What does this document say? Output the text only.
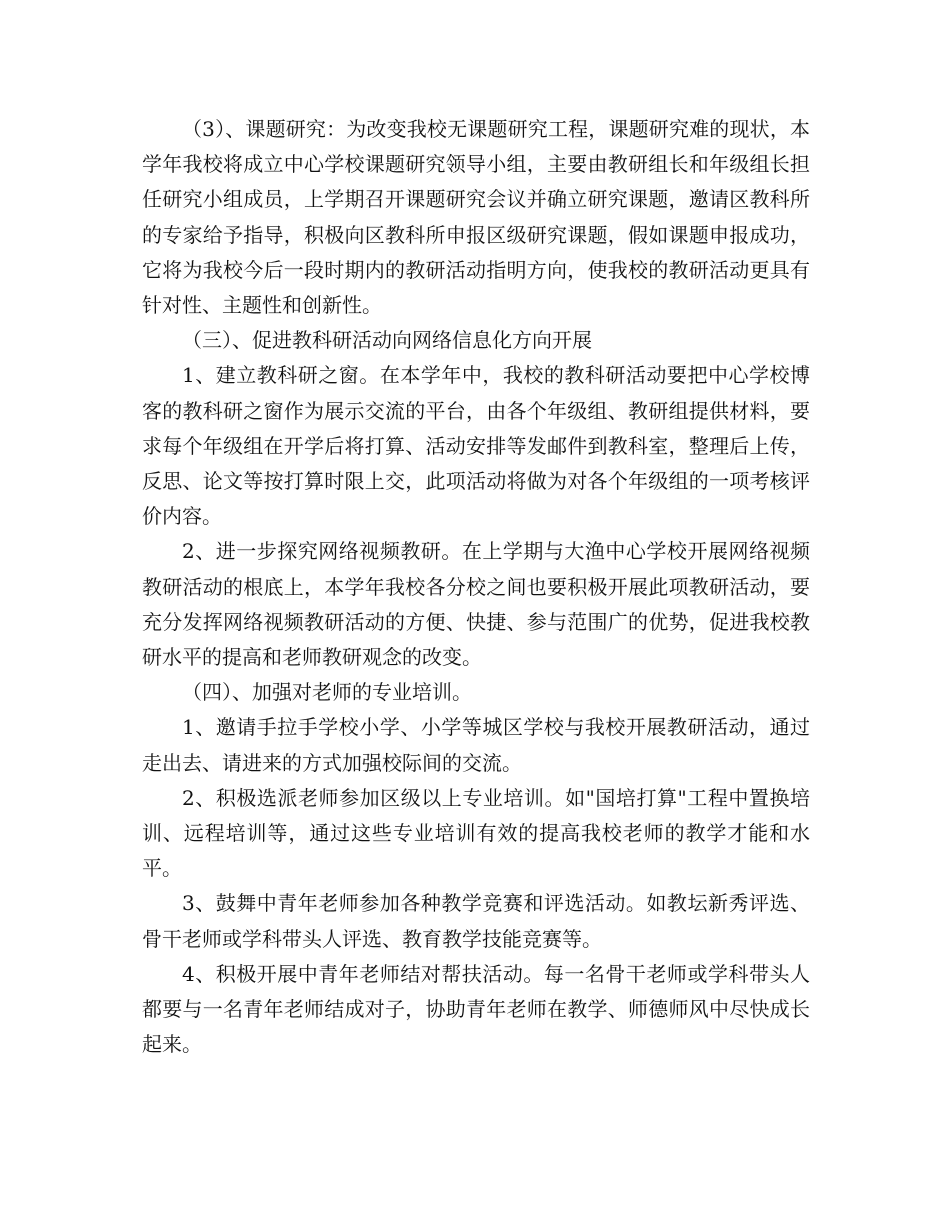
（3）、课题研究：为改变我校无课题研究工程，课题研究难的现状，本学年我校将成立中心学校课题研究领导小组，主要由教研组长和年级组长担任研究小组成员，上学期召开课题研究会议并确立研究课题，邀请区教科所的专家给予指导，积极向区教科所申报区级研究课题，假如课题申报成功，它将为我校今后一段时期内的教研活动指明方向，使我校的教研活动更具有针对性、主题性和创新性。

（三）、促进教科研活动向网络信息化方向开展

1、建立教科研之窗。在本学年中，我校的教科研活动要把中心学校博客的教科研之窗作为展示交流的平台，由各个年级组、教研组提供材料，要求每个年级组在开学后将打算、活动安排等发邮件到教科室，整理后上传，反思、论文等按打算时限上交，此项活动将做为对各个年级组的一项考核评价内容。

2、进一步探究网络视频教研。在上学期与大渔中心学校开展网络视频教研活动的根底上，本学年我校各分校之间也要积极开展此项教研活动，要充分发挥网络视频教研活动的方便、快捷、参与范围广的优势，促进我校教研水平的提高和老师教研观念的改变。

（四）、加强对老师的专业培训。

1、邀请手拉手学校小学、小学等城区学校与我校开展教研活动，通过走出去、请进来的方式加强校际间的交流。

2、积极选派老师参加区级以上专业培训。如"国培打算"工程中置换培训、远程培训等，通过这些专业培训有效的提高我校老师的教学才能和水平。

3、鼓舞中青年老师参加各种教学竞赛和评选活动。如教坛新秀评选、骨干老师或学科带头人评选、教育教学技能竞赛等。

4、积极开展中青年老师结对帮扶活动。每一名骨干老师或学科带头人都要与一名青年老师结成对子，协助青年老师在教学、师德师风中尽快成长起来。
